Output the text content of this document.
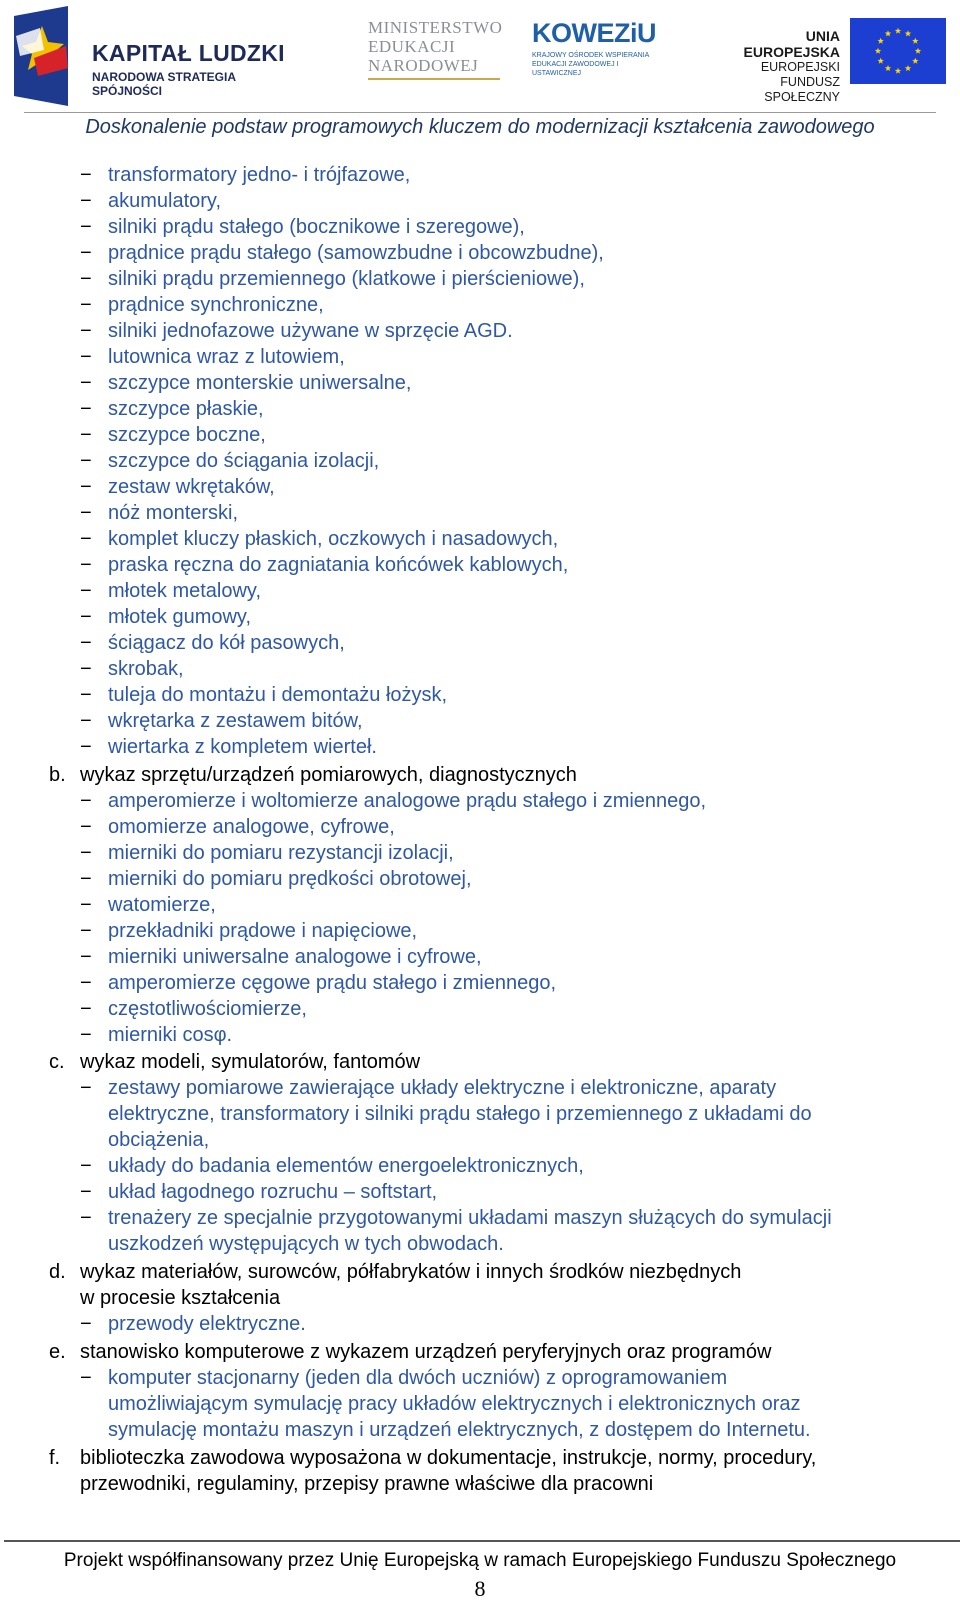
KAPITAŁ LUDZKI
NARODOWA STRATEGIA SPÓJNOŚCI
MINISTERSTWO
EDUKACJI
NARODOWEJ
KOWEZiU
KRAJOWY OŚRODEK WSPIERANIA
EDUKACJI ZAWODOWEJ I USTAWICZNEJ
UNIA EUROPEJSKA
EUROPEJSKI
FUNDUSZ SPOŁECZNY
Doskonalenie podstaw programowych kluczem do modernizacji kształcenia zawodowego
− transformatory jedno- i trójfazowe,
− akumulatory,
− silniki prądu stałego (bocznikowe i szeregowe),
− prądnice prądu stałego (samowzbudne i obcowzbudne),
− silniki prądu przemiennego (klatkowe i pierścieniowe),
− prądnice synchroniczne,
− silniki jednofazowe używane w sprzęcie AGD.
− lutownica wraz z lutowiem,
− szczypce monterskie uniwersalne,
− szczypce płaskie,
− szczypce boczne,
− szczypce do ściągania izolacji,
− zestaw wkrętaków,
− nóż monterski,
− komplet kluczy płaskich, oczkowych i nasadowych,
− praska ręczna do zagniatania końcówek kablowych,
− młotek metalowy,
− młotek gumowy,
− ściągacz do kół pasowych,
− skrobak,
− tuleja do montażu i demontażu łożysk,
− wkrętarka z zestawem bitów,
− wiertarka z kompletem wierteł.
b. wykaz sprzętu/urządzeń pomiarowych, diagnostycznych
− amperomierze i woltomierze analogowe prądu stałego i zmiennego,
− omomierze analogowe, cyfrowe,
− mierniki do pomiaru rezystancji izolacji,
− mierniki do pomiaru prędkości obrotowej,
− watomierze,
− przekładniki prądowe i napięciowe,
− mierniki uniwersalne analogowe i cyfrowe,
− amperomierze cęgowe prądu stałego i zmiennego,
− częstotliwościomierze,
− mierniki cosφ.
c. wykaz modeli, symulatorów, fantomów
− zestawy pomiarowe zawierające układy elektryczne i elektroniczne, aparaty
elektryczne, transformatory i silniki prądu stałego i przemiennego z układami do
obciążenia,
− układy do badania elementów energoelektronicznych,
− układ łagodnego rozruchu – softstart,
− trenażery ze specjalnie przygotowanymi układami maszyn służących do symulacji
uszkodzeń występujących w tych obwodach.
d. wykaz materiałów, surowców, półfabrykatów i innych środków niezbędnych
w procesie kształcenia
− przewody elektryczne.
e. stanowisko komputerowe z wykazem urządzeń peryferyjnych oraz programów
− komputer stacjonarny (jeden dla dwóch uczniów) z oprogramowaniem
umożliwiającym symulację pracy układów elektrycznych i elektronicznych oraz
symulację montażu maszyn i urządzeń elektrycznych, z dostępem do Internetu.
f. biblioteczka zawodowa wyposażona w dokumentacje, instrukcje, normy, procedury,
przewodniki, regulaminy, przepisy prawne właściwe dla pracowni
Projekt współfinansowany przez Unię Europejską w ramach Europejskiego Funduszu Społecznego
8
